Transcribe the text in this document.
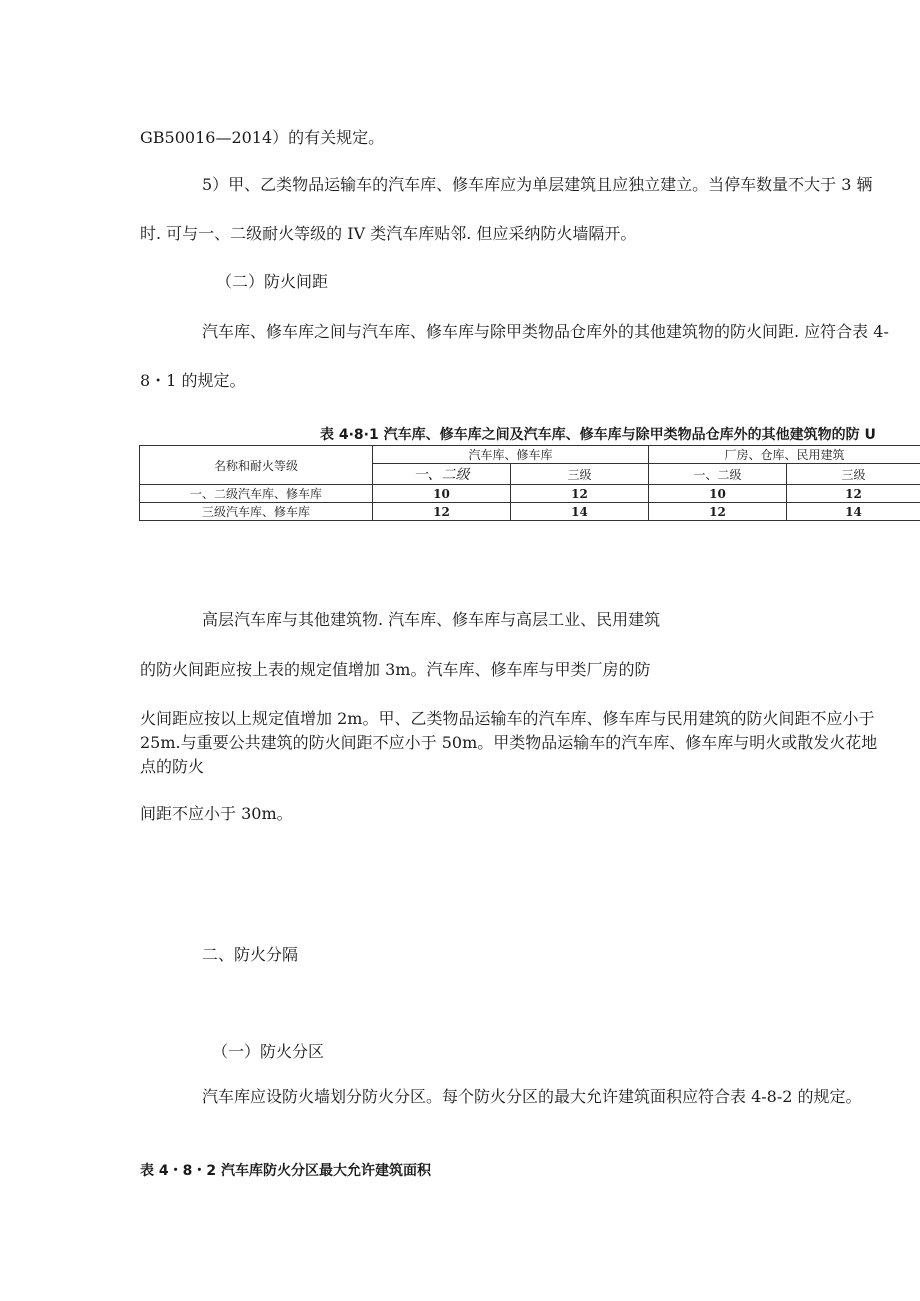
GB50016—2014）的有关规定。
5）甲、乙类物品运输车的汽车库、修车库应为单层建筑且应独立建立。当停车数量不大于 3 辆
时. 可与一、二级耐火等级的 IV 类汽车库贴邻. 但应采纳防火墙隔开。
（二）防火间距
汽车库、修车库之间与汽车库、修车库与除甲类物品仓库外的其他建筑物的防火间距. 应符合表 4-
8・1 的规定。
表 4·8·1 汽车库、修车库之间及汽车库、修车库与除甲类物品仓库外的其他建筑物的防 U
名称和耐火等级	汽车库、修车库		厂房、仓库、民用建筑	
	一、二级	三级	一、二级	三级
一、二级汽车库、修车库	10	12	10	12
三级汽车库、修车库	12	14	12	14
高层汽车库与其他建筑物. 汽车库、修车库与高层工业、民用建筑
的防火间距应按上表的规定值增加 3m。汽车库、修车库与甲类厂房的防
火间距应按以上规定值增加 2m。甲、乙类物品运输车的汽车库、修车库与民用建筑的防火间距不应小于
25m.与重要公共建筑的防火间距不应小于 50m。甲类物品运输车的汽车库、修车库与明火或散发火花地
点的防火
间距不应小于 30m。
二、防火分隔
（一）防火分区
汽车库应设防火墙划分防火分区。每个防火分区的最大允许建筑面积应符合表 4-8-2 的规定。
表 4・8・2 汽车库防火分区最大允许建筑面积
